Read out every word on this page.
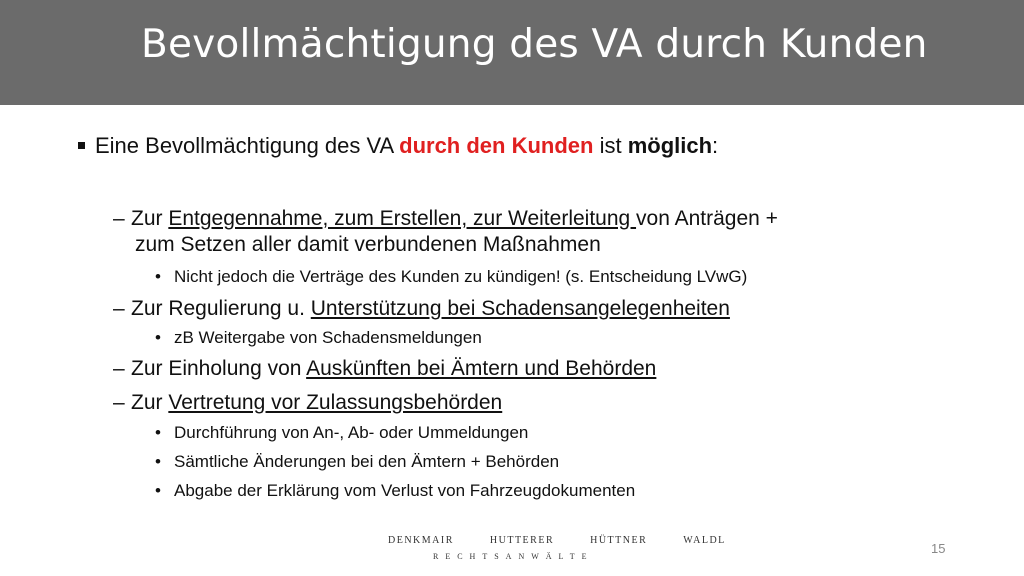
Bevollmächtigung des VA durch Kunden
Eine Bevollmächtigung des VA durch den Kunden ist möglich:
– Zur Entgegennahme, zum Erstellen, zur Weiterleitung von Anträgen +
zum Setzen aller damit verbundenen Maßnahmen
• Nicht jedoch die Verträge des Kunden zu kündigen! (s. Entscheidung LVwG)
– Zur Regulierung u. Unterstützung bei Schadensangelegenheiten
• zB Weitergabe von Schadensmeldungen
– Zur Einholung von Auskünften bei Ämtern und Behörden
– Zur Vertretung vor Zulassungsbehörden
• Durchführung von An-, Ab- oder Ummeldungen
• Sämtliche Änderungen bei den Ämtern + Behörden
• Abgabe der Erklärung vom Verlust von Fahrzeugdokumenten
DENKMAIR	HUTTERER	HÜTTNER	WALDL
RECHTSANWÄLTE
15
